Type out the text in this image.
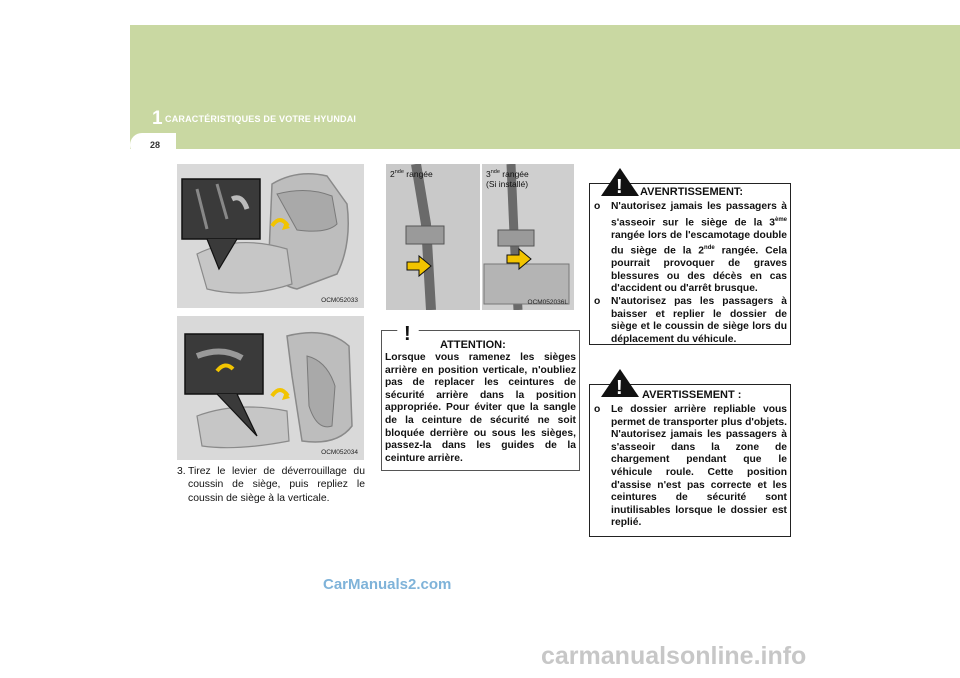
1 CARACTÉRISTIQUES DE VOTRE HYUNDAI
28
OCM052033
OCM052034
3. Tirez le levier de déverrouillage du coussin de siège, puis repliez le coussin de siège à la verticale.
2nde rangée	3nde rangée
(Si installé)
OCM052036L
!	ATTENTION:
Lorsque vous ramenez les sièges arrière en position verticale, n'oubliez pas de replacer les ceintures de sécurité arrière dans la position appropriée. Pour éviter que la sangle de la ceinture de sécurité ne soit bloquée derrière ou sous les sièges, passez-la dans les guides de la ceinture arrière.
! AVENRTISSEMENT:

o N'autorisez jamais les passagers à s'asseoir sur le siège de la 3ème rangée lors de l'escamotage double du siège de la 2nde rangée. Cela pourrait provoquer de graves blessures ou des décès en cas d'accident ou d'arrêt brusque.

o N'autorisez pas les passagers à baisser et replier le dossier de siège et le coussin de siège lors du déplacement du véhicule.

! AVERTISSEMENT :

o Le dossier arrière repliable vous permet de transporter plus d'objets. N'autorisez jamais les passagers à s'asseoir dans la zone de chargement pendant que le véhicule roule. Cette position d'assise n'est pas correcte et les ceintures de sécurité sont inutilisables lorsque le dossier est replié.

CarManuals2.com
carmanualsonline.info
